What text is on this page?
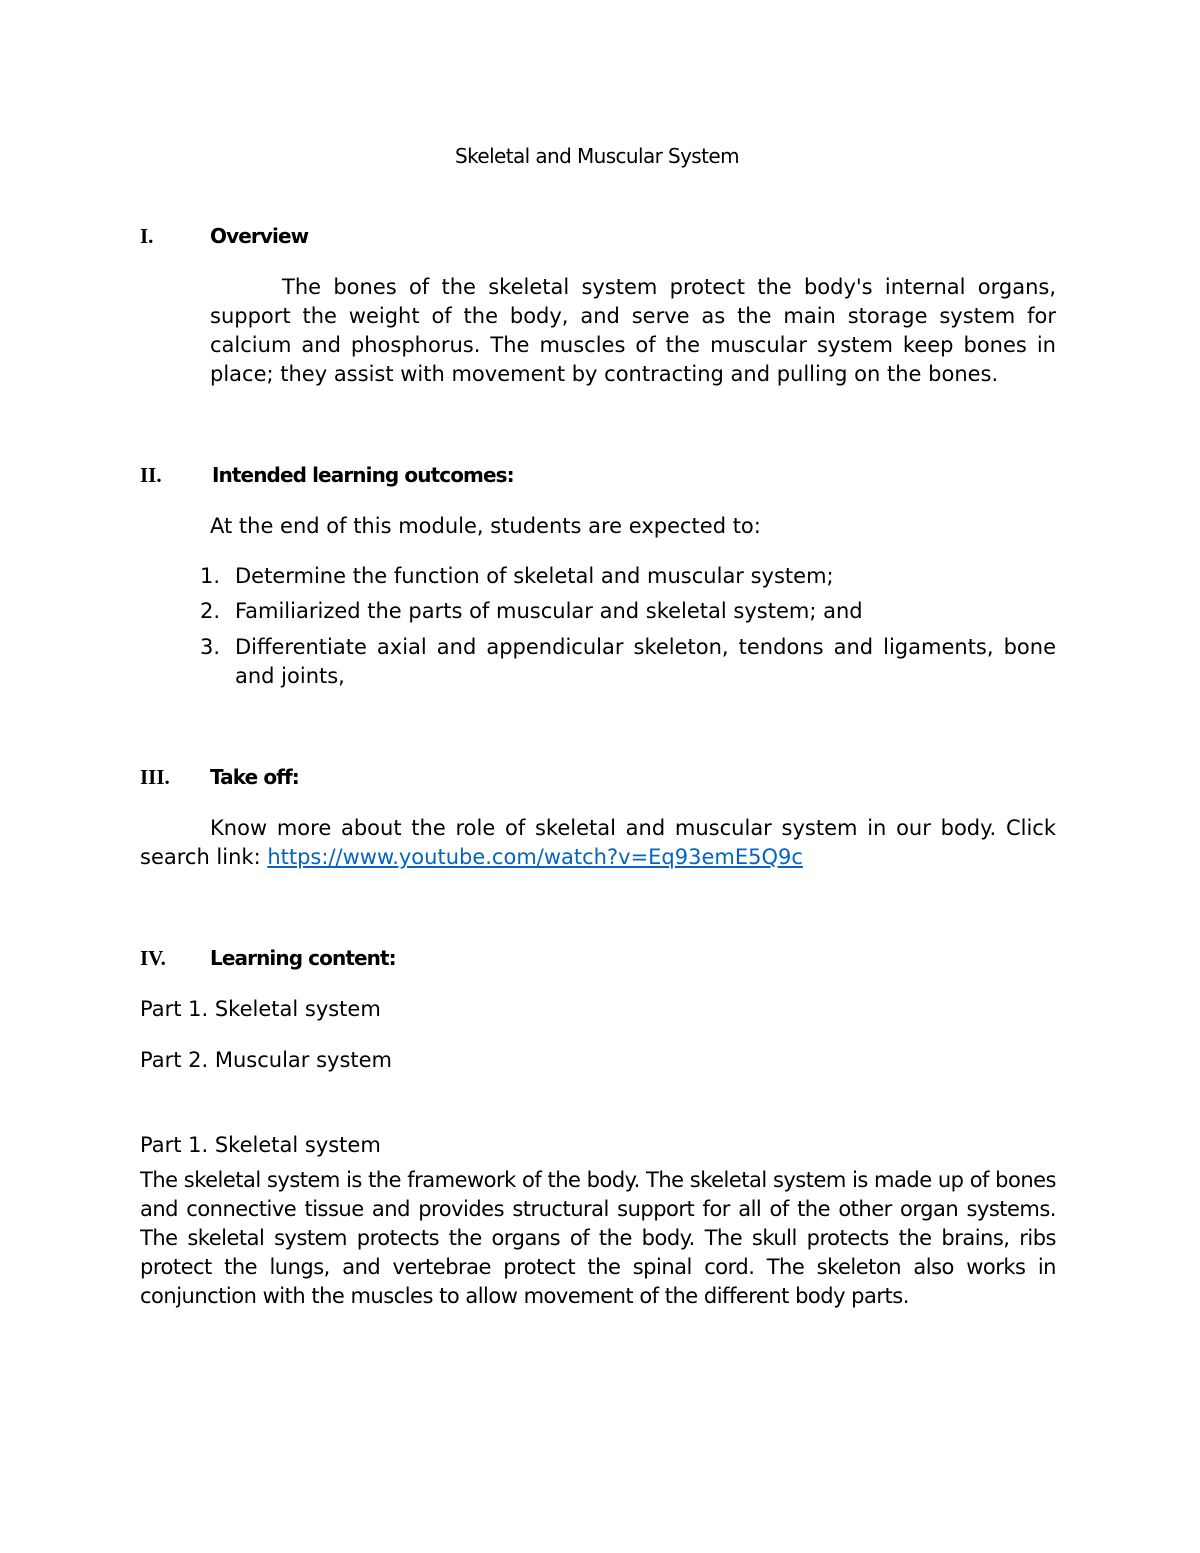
Skeletal and Muscular System
I.	Overview

The bones of the skeletal system protect the body's internal organs, support the weight of the body, and serve as the main storage system for calcium and phosphorus. The muscles of the muscular system keep bones in place; they assist with movement by contracting and pulling on the bones.

II.	Intended learning outcomes:

At the end of this module, students are expected to:

1. Determine the function of skeletal and muscular system;

2. Familiarized the parts of muscular and skeletal system; and

3. Differentiate axial and appendicular skeleton, tendons and ligaments, bone and joints,

III. Take off:

Know more about the role of skeletal and muscular system in our body. Click search link: https://www.youtube.com/watch?v=Eq93emE5Q9c

IV. Learning content:

Part 1. Skeletal system

Part 2. Muscular system

Part 1. Skeletal system

The skeletal system is the framework of the body. The skeletal system is made up of bones and connective tissue and provides structural support for all of the other organ systems. The skeletal system protects the organs of the body. The skull protects the brains, ribs protect the lungs, and vertebrae protect the spinal cord. The skeleton also works in conjunction with the muscles to allow movement of the different body parts.
